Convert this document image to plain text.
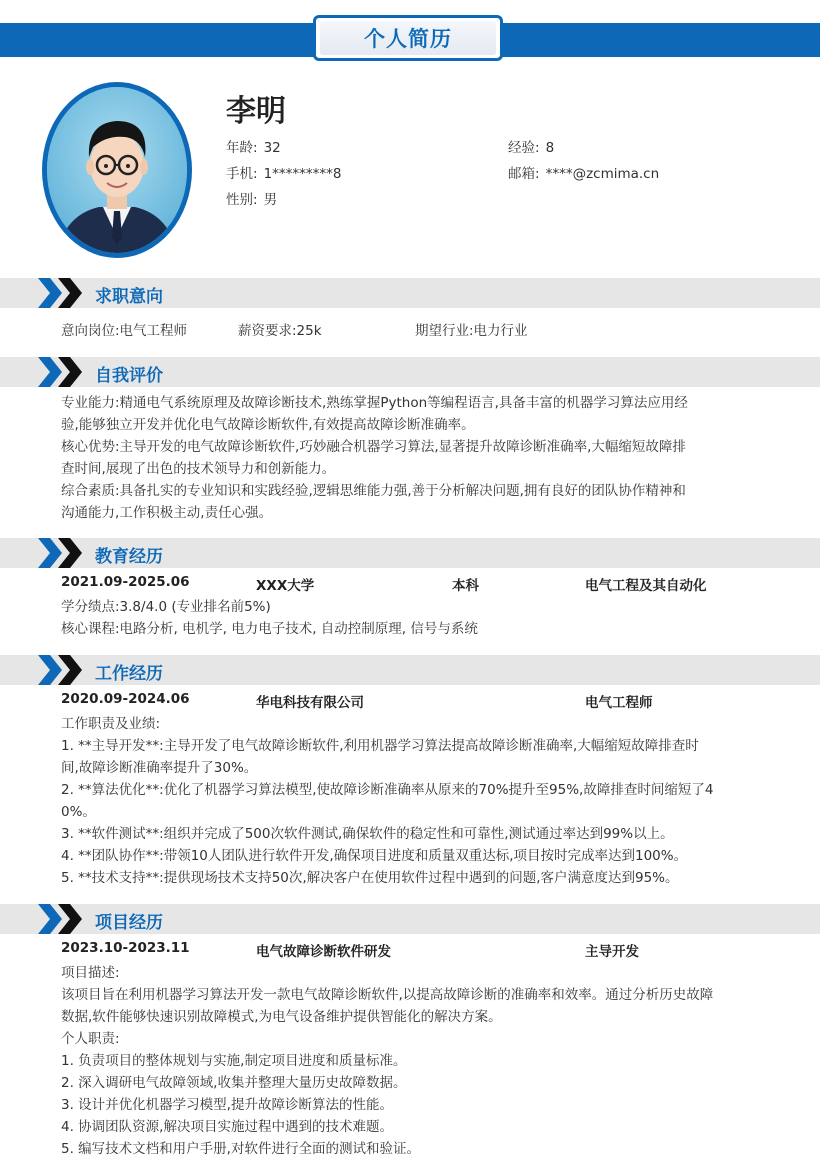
个人简历
李明
年龄: 32	经验: 8
手机: 1*********8	邮箱: ****@zcmima.cn
性别: 男
求职意向
意向岗位:电气工程师	薪资要求:25k	期望行业:电力行业
自我评价
专业能力:精通电气系统原理及故障诊断技术,熟练掌握Python等编程语言,具备丰富的机器学习算法应用经
验,能够独立开发并优化电气故障诊断软件,有效提高故障诊断准确率。
核心优势:主导开发的电气故障诊断软件,巧妙融合机器学习算法,显著提升故障诊断准确率,大幅缩短故障排
查时间,展现了出色的技术领导力和创新能力。
综合素质:具备扎实的专业知识和实践经验,逻辑思维能力强,善于分析解决问题,拥有良好的团队协作精神和
沟通能力,工作积极主动,责任心强。
教育经历
2021.09-2025.06	XXX大学	本科	电气工程及其自动化
学分绩点:3.8/4.0 (专业排名前5%)
核心课程:电路分析, 电机学, 电力电子技术, 自动控制原理, 信号与系统
工作经历
2020.09-2024.06	华电科技有限公司	电气工程师
工作职责及业绩:
1. **主导开发**:主导开发了电气故障诊断软件,利用机器学习算法提高故障诊断准确率,大幅缩短故障排查时
间,故障诊断准确率提升了30%。
2. **算法优化**:优化了机器学习算法模型,使故障诊断准确率从原来的70%提升至95%,故障排查时间缩短了4
0%。
3. **软件测试**:组织并完成了500次软件测试,确保软件的稳定性和可靠性,测试通过率达到99%以上。
4. **团队协作**:带领10人团队进行软件开发,确保项目进度和质量双重达标,项目按时完成率达到100%。
5. **技术支持**:提供现场技术支持50次,解决客户在使用软件过程中遇到的问题,客户满意度达到95%。
项目经历
2023.10-2023.11	电气故障诊断软件研发	主导开发
项目描述:
该项目旨在利用机器学习算法开发一款电气故障诊断软件,以提高故障诊断的准确率和效率。通过分析历史故障
数据,软件能够快速识别故障模式,为电气设备维护提供智能化的解决方案。
个人职责:
1. 负责项目的整体规划与实施,制定项目进度和质量标准。
2. 深入调研电气故障领域,收集并整理大量历史故障数据。
3. 设计并优化机器学习模型,提升故障诊断算法的性能。
4. 协调团队资源,解决项目实施过程中遇到的技术难题。
5. 编写技术文档和用户手册,对软件进行全面的测试和验证。
